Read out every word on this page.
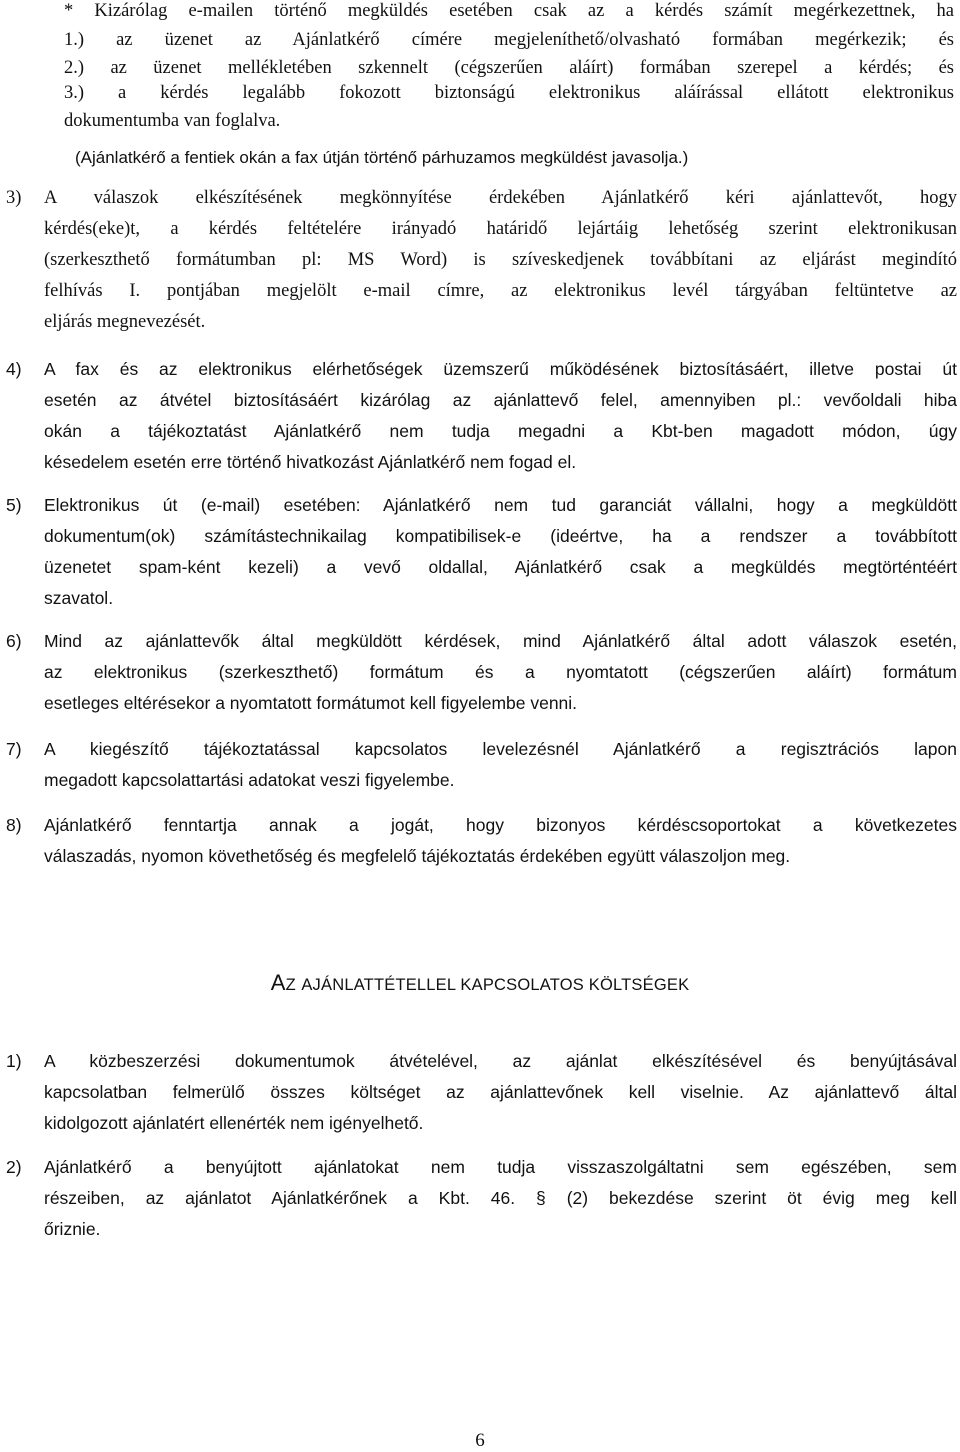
* Kizárólag e-mailen történő megküldés esetében csak az a kérdés számít megérkezettnek, ha
1.) az üzenet az Ajánlatkérő címére megjeleníthető/olvasható formában megérkezik; és
2.) az üzenet mellékletében szkennelt (cégszerűen aláírt) formában szerepel a kérdés; és
3.) a kérdés legalább fokozott biztonságú elektronikus aláírással ellátott elektronikus
dokumentumba van foglalva.
(Ajánlatkérő a fentiek okán a fax útján történő párhuzamos megküldést javasolja.)
3)	A válaszok elkészítésének megkönnyítése érdekében Ajánlatkérő kéri ajánlattevőt, hogy
kérdés(eke)t, a kérdés feltételére irányadó határidő lejártáig lehetőség szerint elektronikusan
(szerkeszthető formátumban pl: MS Word) is szíveskedjenek továbbítani az eljárást megindító
felhívás I. pontjában megjelölt e-mail címre, az elektronikus levél tárgyában feltüntetve az
eljárás megnevezését.
4)	A fax és az elektronikus elérhetőségek üzemszerű működésének biztosításáért, illetve postai út
esetén az átvétel biztosításáért kizárólag az ajánlattevő felel, amennyiben pl.: vevőoldali hiba
okán a tájékoztatást Ajánlatkérő nem tudja megadni a Kbt-ben magadott módon, úgy
késedelem esetén erre történő hivatkozást Ajánlatkérő nem fogad el.
5)	Elektronikus út (e-mail) esetében: Ajánlatkérő nem tud garanciát vállalni, hogy a megküldött
dokumentum(ok) számítástechnikailag kompatibilisek-e (ideértve, ha a rendszer a továbbított
üzenetet spam-ként kezeli) a vevő oldallal, Ajánlatkérő csak a megküldés megtörténtéért
szavatol.
6)	Mind az ajánlattevők által megküldött kérdések, mind Ajánlatkérő által adott válaszok esetén,
az elektronikus (szerkeszthető) formátum és a nyomtatott (cégszerűen aláírt) formátum
esetleges eltérésekor a nyomtatott formátumot kell figyelembe venni.
7)	A kiegészítő tájékoztatással kapcsolatos levelezésnél Ajánlatkérő a regisztrációs lapon
megadott kapcsolattartási adatokat veszi figyelembe.
8)	Ajánlatkérő fenntartja annak a jogát, hogy bizonyos kérdéscsoportokat a következetes
válaszadás, nyomon követhetőség és megfelelő tájékoztatás érdekében együtt válaszoljon meg.
AZ AJÁNLATTÉTELLEL KAPCSOLATOS KÖLTSÉGEK
1)	A közbeszerzési dokumentumok átvételével, az ajánlat elkészítésével és benyújtásával
kapcsolatban felmerülő összes költséget az ajánlattevőnek kell viselnie. Az ajánlattevő által
kidolgozott ajánlatért ellenérték nem igényelhető.
2)	Ajánlatkérő a benyújtott ajánlatokat nem tudja visszaszolgáltatni sem egészében, sem
részeiben, az ajánlatot Ajánlatkérőnek a Kbt. 46. § (2) bekezdése szerint öt évig meg kell
őriznie.
6
